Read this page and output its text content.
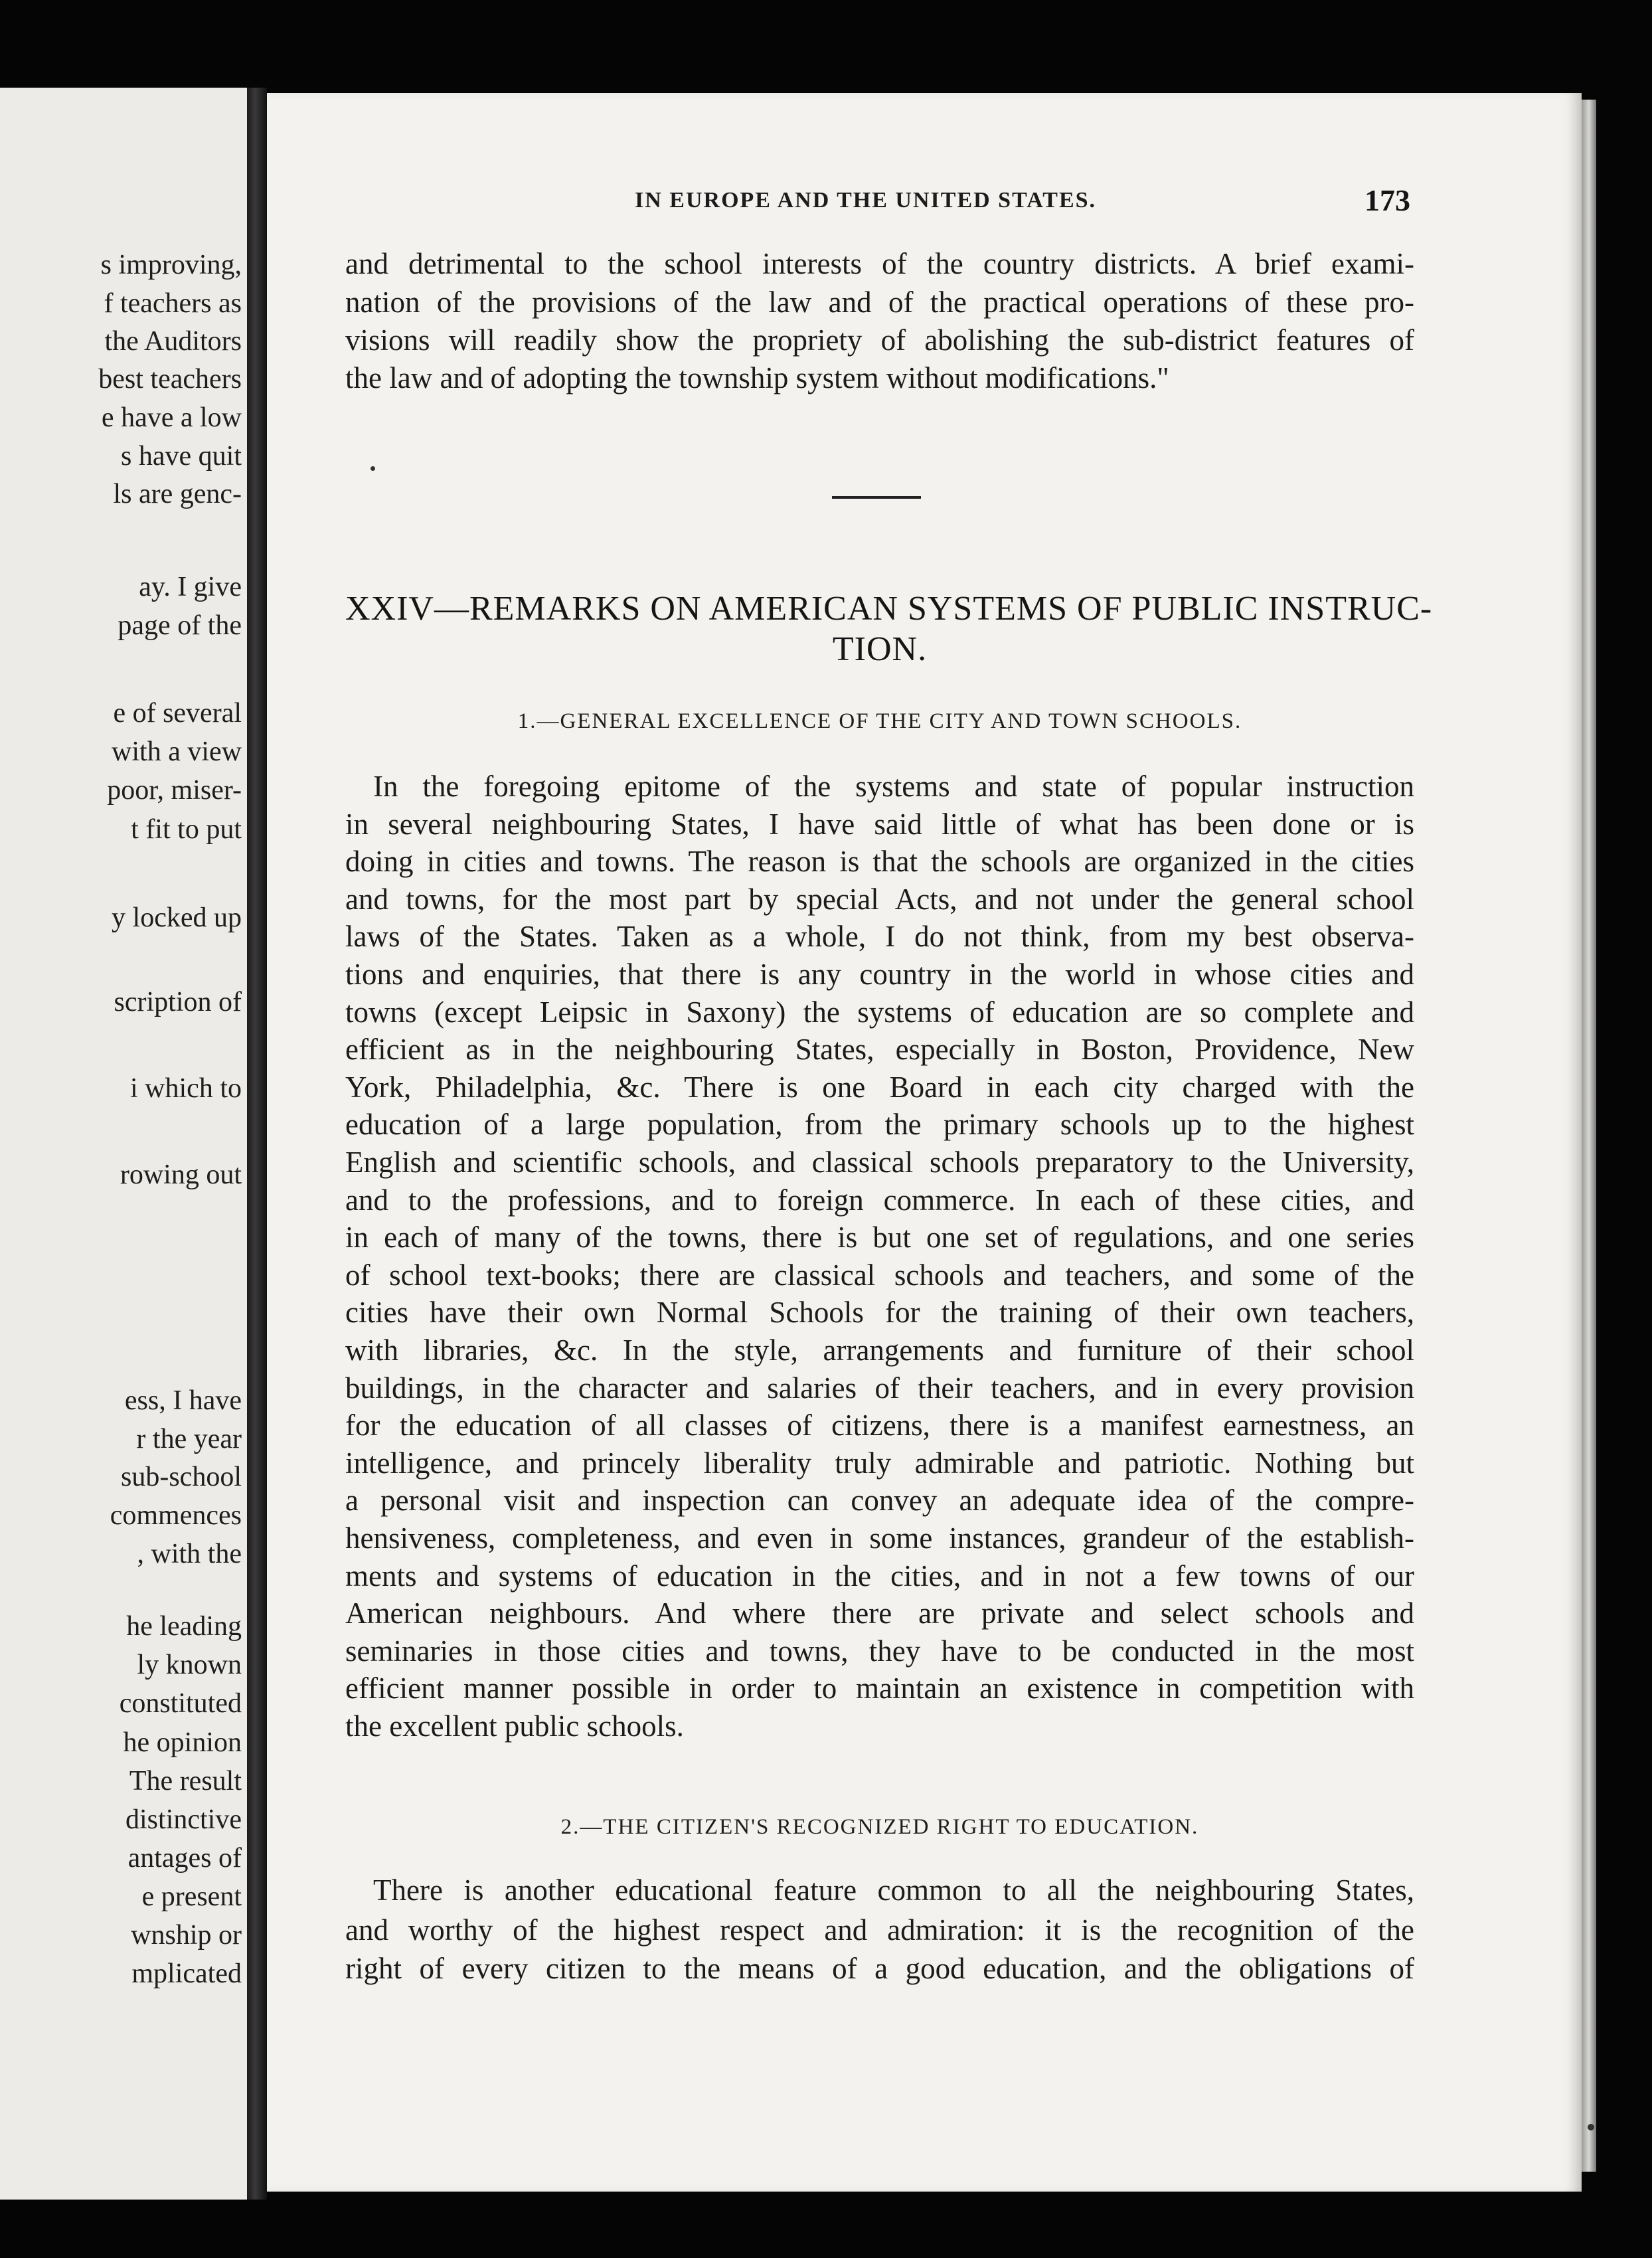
s improving,
f teachers as
the Auditors
best teachers
e have a low
s have quit
ls are genc-
ay. I give
page of the
e of several
with a view
poor, miser-
t fit to put
y locked up
scription of
i which to
rowing out
ess, I have
r the year
sub-school
commences
, with the
he leading
ly known
constituted
he opinion
The result
distinctive
antages of
e present
wnship or
mplicated
IN EUROPE AND THE UNITED STATES.	173
and detrimental to the school interests of the country districts. A brief exami-
nation of the provisions of the law and of the practical operations of these pro-
visions will readily show the propriety of abolishing the sub-district features of
the law and of adopting the township system without modifications."
XXIV—REMARKS ON AMERICAN SYSTEMS OF PUBLIC INSTRUC-
TION.
1.—GENERAL EXCELLENCE OF THE CITY AND TOWN SCHOOLS.
In the foregoing epitome of the systems and state of popular instruction
in several neighbouring States, I have said little of what has been done or is
doing in cities and towns. The reason is that the schools are organized in the cities
and towns, for the most part by special Acts, and not under the general school
laws of the States. Taken as a whole, I do not think, from my best observa-
tions and enquiries, that there is any country in the world in whose cities and
towns (except Leipsic in Saxony) the systems of education are so complete and
efficient as in the neighbouring States, especially in Boston, Providence, New
York, Philadelphia, &c. There is one Board in each city charged with the
education of a large population, from the primary schools up to the highest
English and scientific schools, and classical schools preparatory to the University,
and to the professions, and to foreign commerce. In each of these cities, and
in each of many of the towns, there is but one set of regulations, and one series
of school text-books; there are classical schools and teachers, and some of the
cities have their own Normal Schools for the training of their own teachers,
with libraries, &c. In the style, arrangements and furniture of their school
buildings, in the character and salaries of their teachers, and in every provision
for the education of all classes of citizens, there is a manifest earnestness, an
intelligence, and princely liberality truly admirable and patriotic. Nothing but
a personal visit and inspection can convey an adequate idea of the compre-
hensiveness, completeness, and even in some instances, grandeur of the establish-
ments and systems of education in the cities, and in not a few towns of our
American neighbours. And where there are private and select schools and
seminaries in those cities and towns, they have to be conducted in the most
efficient manner possible in order to maintain an existence in competition with
the excellent public schools.
2.—THE CITIZEN'S RECOGNIZED RIGHT TO EDUCATION.
There is another educational feature common to all the neighbouring States,
and worthy of the highest respect and admiration: it is the recognition of the
right of every citizen to the means of a good education, and the obligations of
